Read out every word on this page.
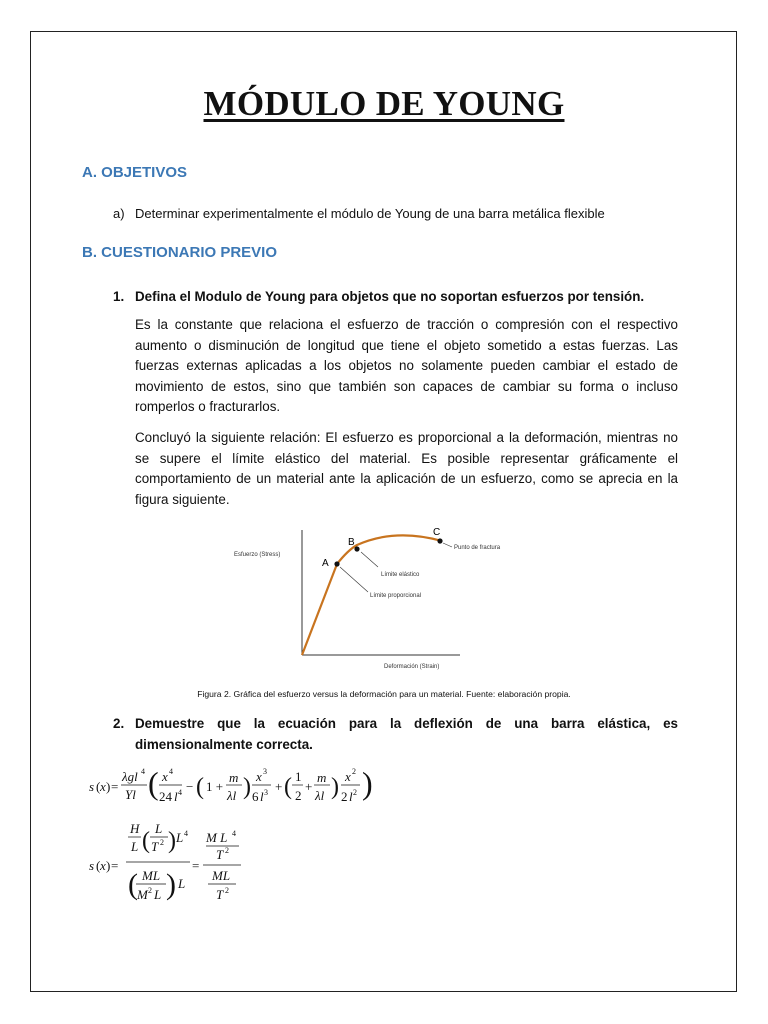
MÓDULO DE YOUNG
A. OBJETIVOS
a) Determinar experimentalmente el módulo de Young de una barra metálica flexible
B. CUESTIONARIO PREVIO
1. Defina el Modulo de Young para objetos que no soportan esfuerzos por tensión.
Es la constante que relaciona el esfuerzo de tracción o compresión con el respectivo aumento o disminución de longitud que tiene el objeto sometido a estas fuerzas. Las fuerzas externas aplicadas a los objetos no solamente pueden cambiar el estado de movimiento de estos, sino que también son capaces de cambiar su forma o incluso romperlos o fracturarlos.
Concluyó la siguiente relación: El esfuerzo es proporcional a la deformación, mientras no se supere el límite elástico del material. Es posible representar gráficamente el comportamiento de un material ante la aplicación de un esfuerzo, como se aprecia en la figura siguiente.
A
B
C
Esfuerzo (Stress)
Deformación (Strain)
Punto de fractura
Límite elástico
Límite proporcional
Figura 2. Gráfica del esfuerzo versus la deformación para un material. Fuente: elaboración propia.
2. Demuestre que la ecuación para la deflexión de una barra elástica, es dimensionalmente correcta.
s ( x ) =
λgl 4
Yl ( x 4
24 l 4 − ( 1 +
m
λl ) x 3
6 l 3 + ( 1
2
+
m
λl ) x 2
2 l 2 )
s ( x ) =
H
L ( L
T 2 ) L 4
( ML
M 2 L ) L
=
M L 4
T 2
ML
T 2
